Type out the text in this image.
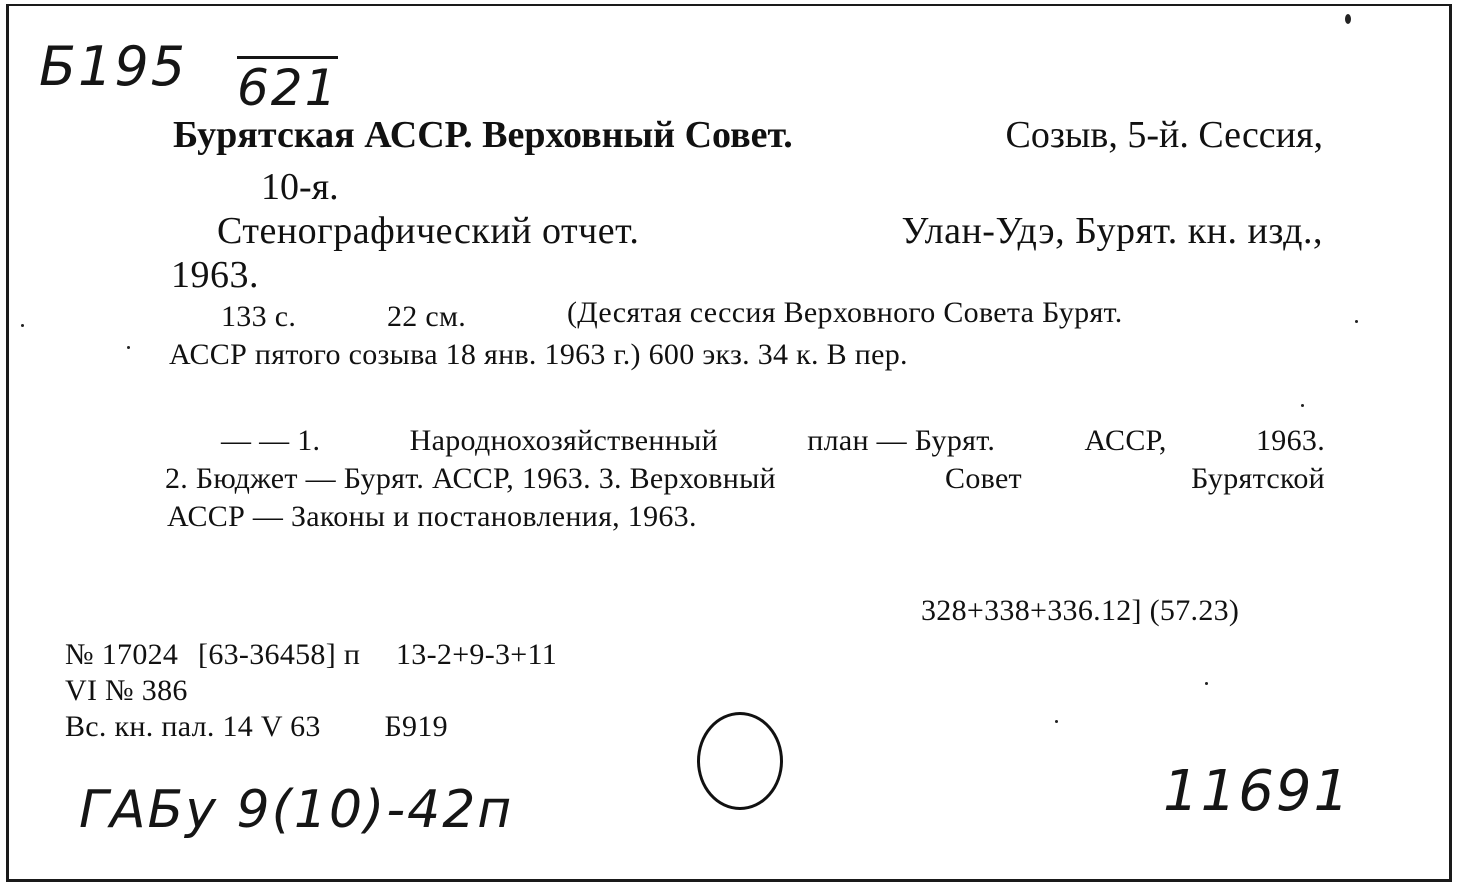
Б195 621
Бурятская АССР. Верховный Совет.	Созыв, 5-й. Сессия,
10-я.
Стенографический отчет.	Улан-Удэ, Бурят. кн. изд.,
1963.
133 с.	22 см.	(Десятая сессия Верховного Совета Бурят.
АССР пятого созыва 18 янв. 1963 г.) 600 экз. 34 к. В пер.
— — 1.	Народнохозяйственный	план — Бурят.	АССР,	1963.
2. Бюджет — Бурят. АССР, 1963. 3. Верховный	Совет	Бурятской
АССР — Законы и постановления, 1963.
328+338+336.12] (57.23)
№ 17024 [63-36458] п 13-2+9-3+11
VI № 386
Вс. кн. пал. 14 V 63 Б919
ГАБу 9(10)-42п	11691
